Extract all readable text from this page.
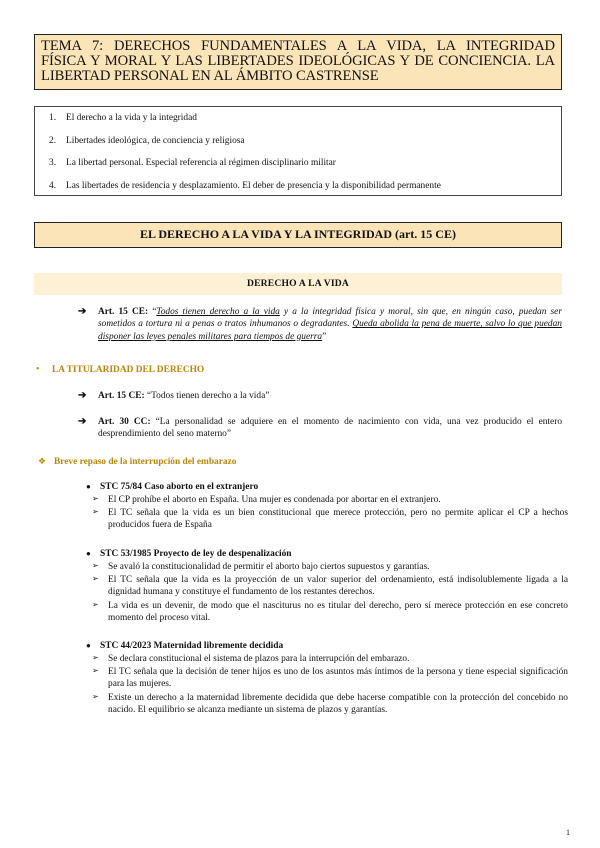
TEMA 7: DERECHOS FUNDAMENTALES A LA VIDA, LA INTEGRIDAD

FÍSICA Y MORAL Y LAS LIBERTADES IDEOLÓGICAS Y DE CONCIENCIA. LA

LIBERTAD PERSONAL EN AL ÁMBITO CASTRENSE

1.	El derecho a la vida y la integridad
2.	Libertades ideológica, de conciencia y religiosa
3.	La libertad personal. Especial referencia al régimen disciplinario militar
4.	Las libertades de residencia y desplazamiento. El deber de presencia y la disponibilidad permanente
EL DERECHO A LA VIDA Y LA INTEGRIDAD (art. 15 CE)
DERECHO A LA VIDA
➔ Art. 15 CE: “Todos tienen derecho a la vida y a la integridad física y moral, sin que, en ningún caso, puedan ser sometidos a tortura ni a penas o tratos inhumanos o degradantes. Queda abolida la pena de muerte, salvo lo que puedan disponer las leyes penales militares para tiempos de guerra”
• LA TITULARIDAD DEL DERECHO
➔ Art. 15 CE: “Todos tienen derecho a la vida”
➔ Art. 30 CC: “La personalidad se adquiere en el momento de nacimiento con vida, una vez producido el entero desprendimiento del seno materno”
❖ Breve repaso de la interrupción del embarazo
● STC 75/84 Caso aborto en el extranjero
➢ El CP prohíbe el aborto en España. Una mujer es condenada por abortar en el extranjero.
➢ El TC señala que la vida es un bien constitucional que merece protección, pero no permite aplicar el CP a hechos producidos fuera de España
● STC 53/1985 Proyecto de ley de despenalización
➢ Se avaló la constitucionalidad de permitir el aborto bajo ciertos supuestos y garantías.
➢ El TC señala que la vida es la proyección de un valor superior del ordenamiento, está indisolublemente ligada a la dignidad humana y constituye el fundamento de los restantes derechos.
➢ La vida es un devenir, de modo que el nasciturus no es titular del derecho, pero sí merece protección en ese concreto momento del proceso vital.
● STC 44/2023 Maternidad libremente decidida
➢ Se declara constitucional el sistema de plazos para la interrupción del embarazo.
➢ El TC señala que la decisión de tener hijos es uno de los asuntos más íntimos de la persona y tiene especial significación para las mujeres.
➢ Existe un derecho a la maternidad libremente decidida que debe hacerse compatible con la protección del concebido no nacido. El equilibrio se alcanza mediante un sistema de plazos y garantías.
1
